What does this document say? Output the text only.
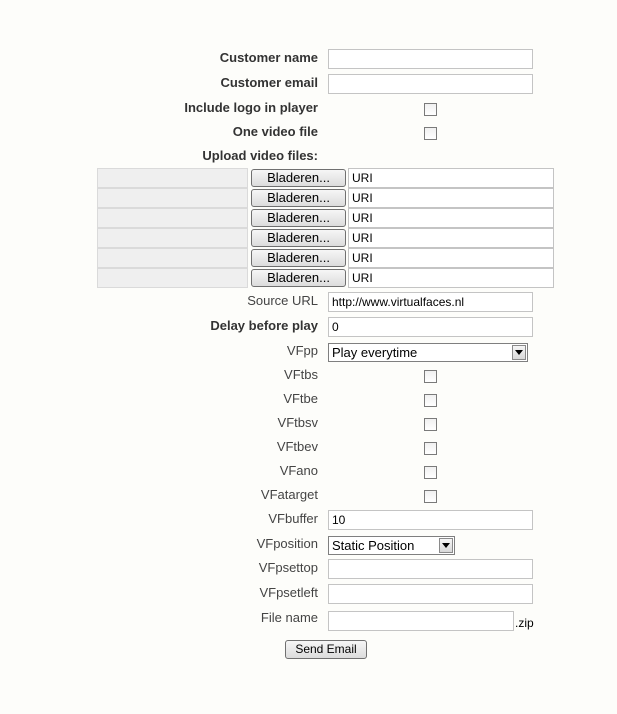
Customer name
Customer email
Include logo in player
One video file
Upload video files:
Bladeren...	URI
Bladeren...	URI
Bladeren...	URI
Bladeren...	URI
Bladeren...	URI
Bladeren...	URI
Source URL	http://www.virtualfaces.nl
Delay before play	0
VFpp	Play everytime
VFtbs
VFtbe
VFtbsv
VFtbev
VFano
VFatarget
VFbuffer	10
VFposition	Static Position
VFpsettop
VFpsetleft
File name	.zip
Send Email
